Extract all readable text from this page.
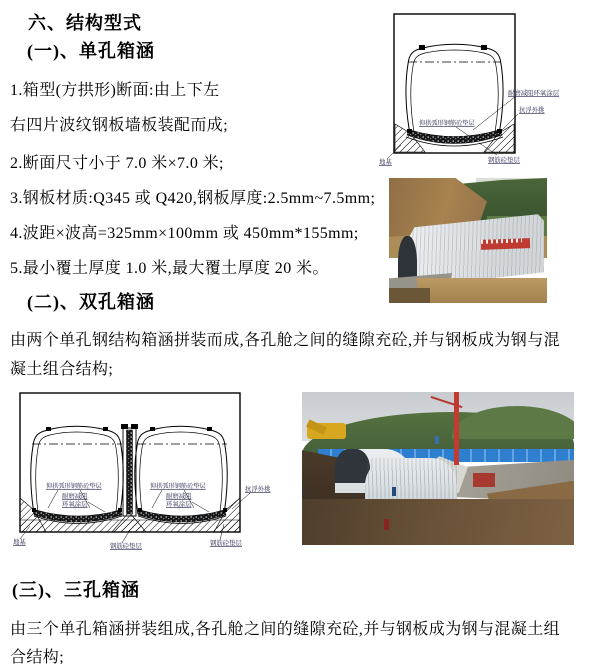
六、结构型式
(一)、单孔箱涵
1.箱型(方拱形)断面:由上下左
右四片波纹钢板墙板装配而成;
2.断面尺寸小于 7.0 米×7.0 米;
3.钢板材质:Q345 或 Q420,钢板厚度:2.5mm~7.5mm;
4.波距×波高=325mm×100mm 或 450mm*155mm;
5.最小覆土厚度 1.0 米,最大覆土厚度 20 米。
(二)、双孔箱涵
由两个单孔钢结构箱涵拼装而成,各孔舱之间的缝隙充砼,并与钢板成为钢与混
凝土组合结构;
(三)、三孔箱涵
由三个单孔箱涵拼装组成,各孔舱之间的缝隙充砼,并与钢板成为钢与混凝土组
合结构;
耐磨减阻环氧涂层
抗浮外挑
仰拱弧形钢筋砼垫层
地基	钢筋砼垫层
仰拱弧形钢筋砼垫层	仰拱弧形钢筋砼垫层
耐磨减阻
环氧涂层
耐磨减阻
环氧涂层
抗浮外挑
地基
钢筋砼垫层	钢筋砼垫层
